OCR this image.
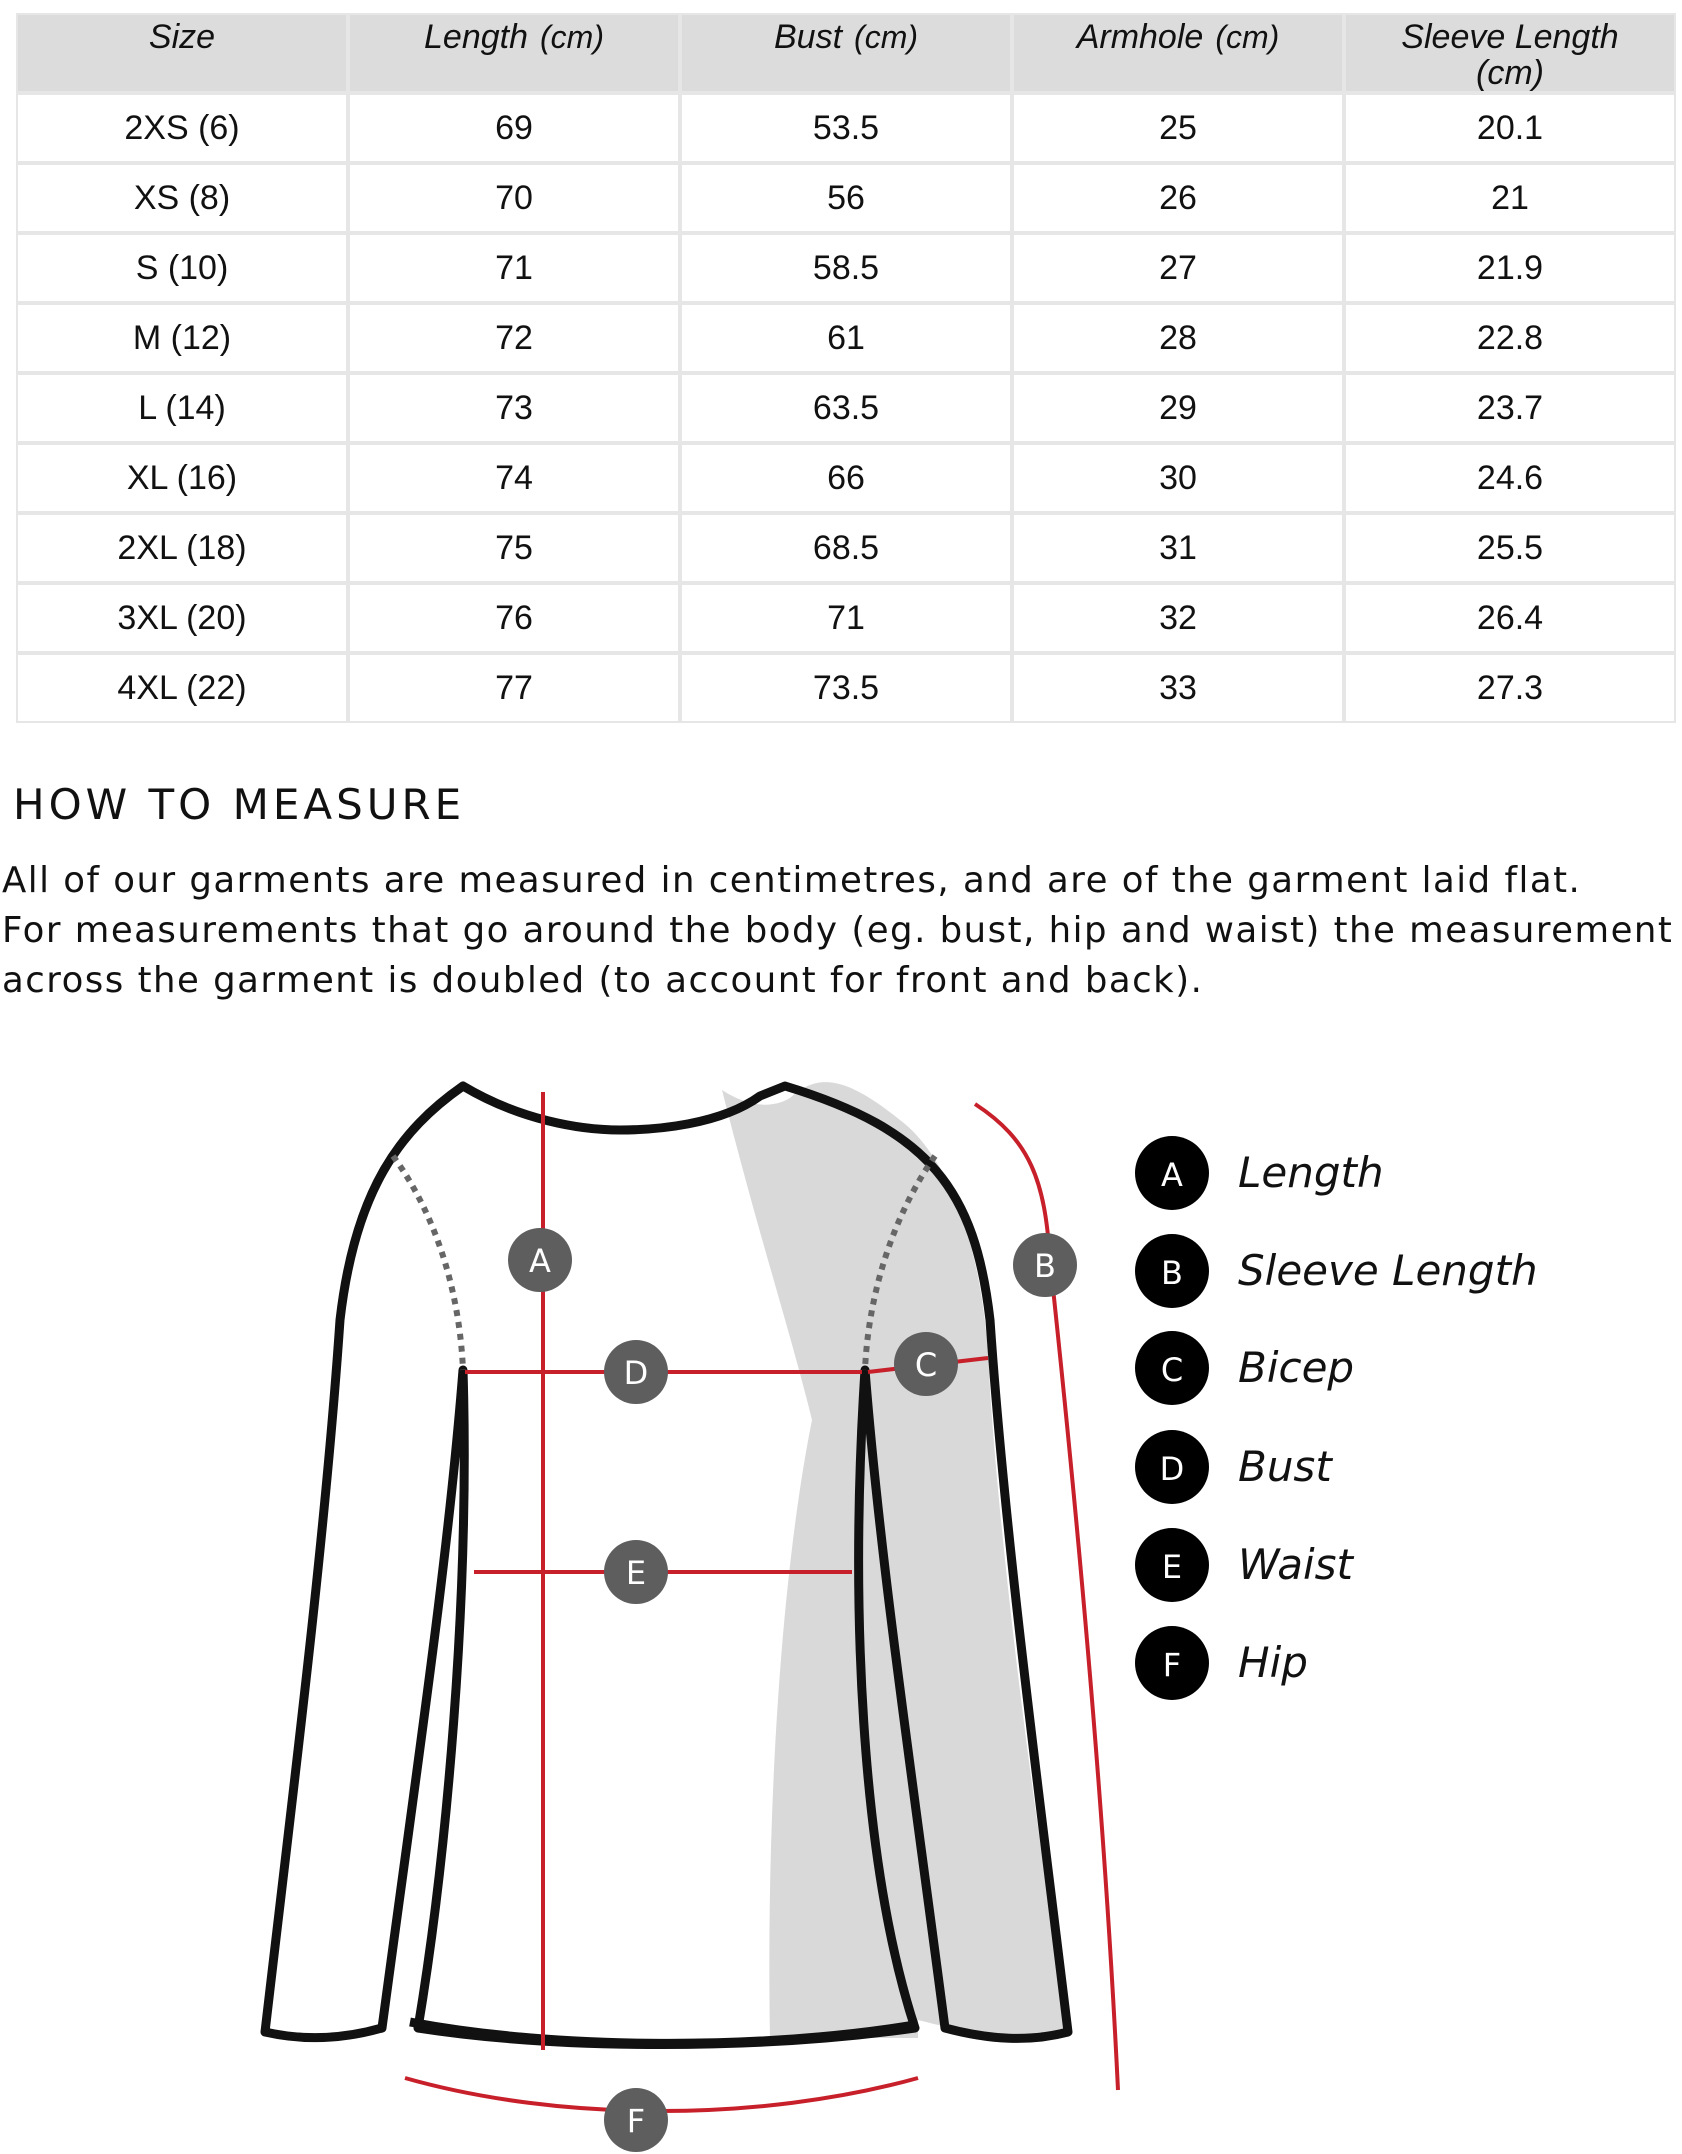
Size	Length (cm)	Bust (cm)	Armhole (cm)	Sleeve Length
(cm)
2XS (6)	69	53.5	25	20.1
XS (8)	70	56	26	21
S (10)	71	58.5	27	21.9
M (12)	72	61	28	22.8
L (14)	73	63.5	29	23.7
XL (16)	74	66	30	24.6
2XL (18)	75	68.5	31	25.5
3XL (20)	76	71	32	26.4
4XL (22)	77	73.5	33	27.3
HOW TO MEASURE

All of our garments are measured in centimetres, and are of the garment laid flat.
For measurements that go around the body (eg. bust, hip and waist) the measurement
across the garment is doubled (to account for front and back).

A	B
C
D
E
F
A Length
B Sleeve Length
C Bicep
D Bust
E Waist
F Hip
